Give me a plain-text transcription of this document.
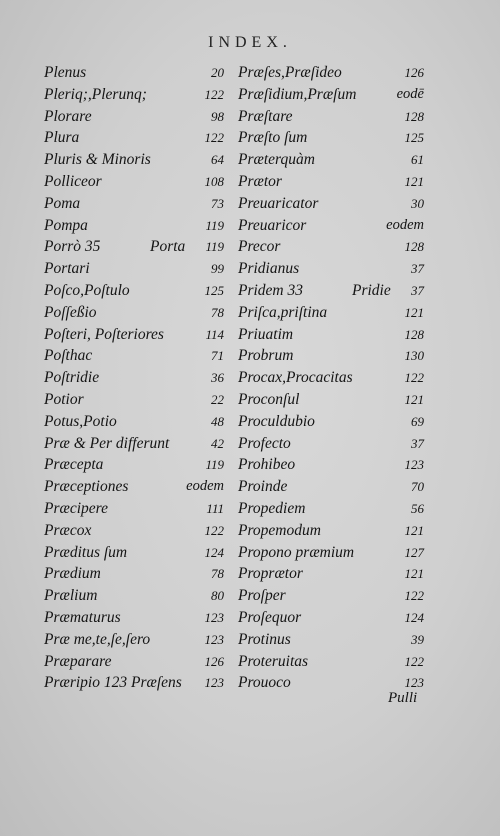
INDEX.
Plenus	20
Pleriq;,Plerunq;	122
Plorare	98
Plura	122
Pluris & Minoris	64
Polliceor	108
Poma	73
Pompa	119
Porrò 35	Porta 119
Portari	99
Poſco,Poſtulo	125
Poſſeßio	78
Poſteri, Poſteriores	114
Poſthac	71
Poſtridie	36
Potior	22
Potus,Potio	48
Præ & Per differunt	42
Præcepta	119
Præceptiones	eodem
Præcipere	111
Præcox	122
Præditus ſum	124
Prædium	78
Prælium	80
Præmaturus	123
Præ me,te,ſe,ſero	123
Præparare	126
Præripio 123 Præſens 123
Præſes,Præſideo	126
Præſidium,Præſum	eodē
Præſtare	128
Præſto ſum	125
Præterquàm	61
Prætor	121
Preuaricator	30
Preuaricor	eodem
Precor	128
Pridianus	37
Pridem 33	Pridie 37
Priſca,priſtina	121
Priuatim	128
Probrum	130
Procax,Procacitas	122
Proconſul	121
Proculdubio	69
Profecto	37
Prohibeo	123
Proinde	70
Propediem	56
Propemodum	121
Propono præmium	127
Proprætor	121
Proſper	122
Proſequor	124
Protinus	39
Proteruitas	122
Prouoco	123
Pulli
